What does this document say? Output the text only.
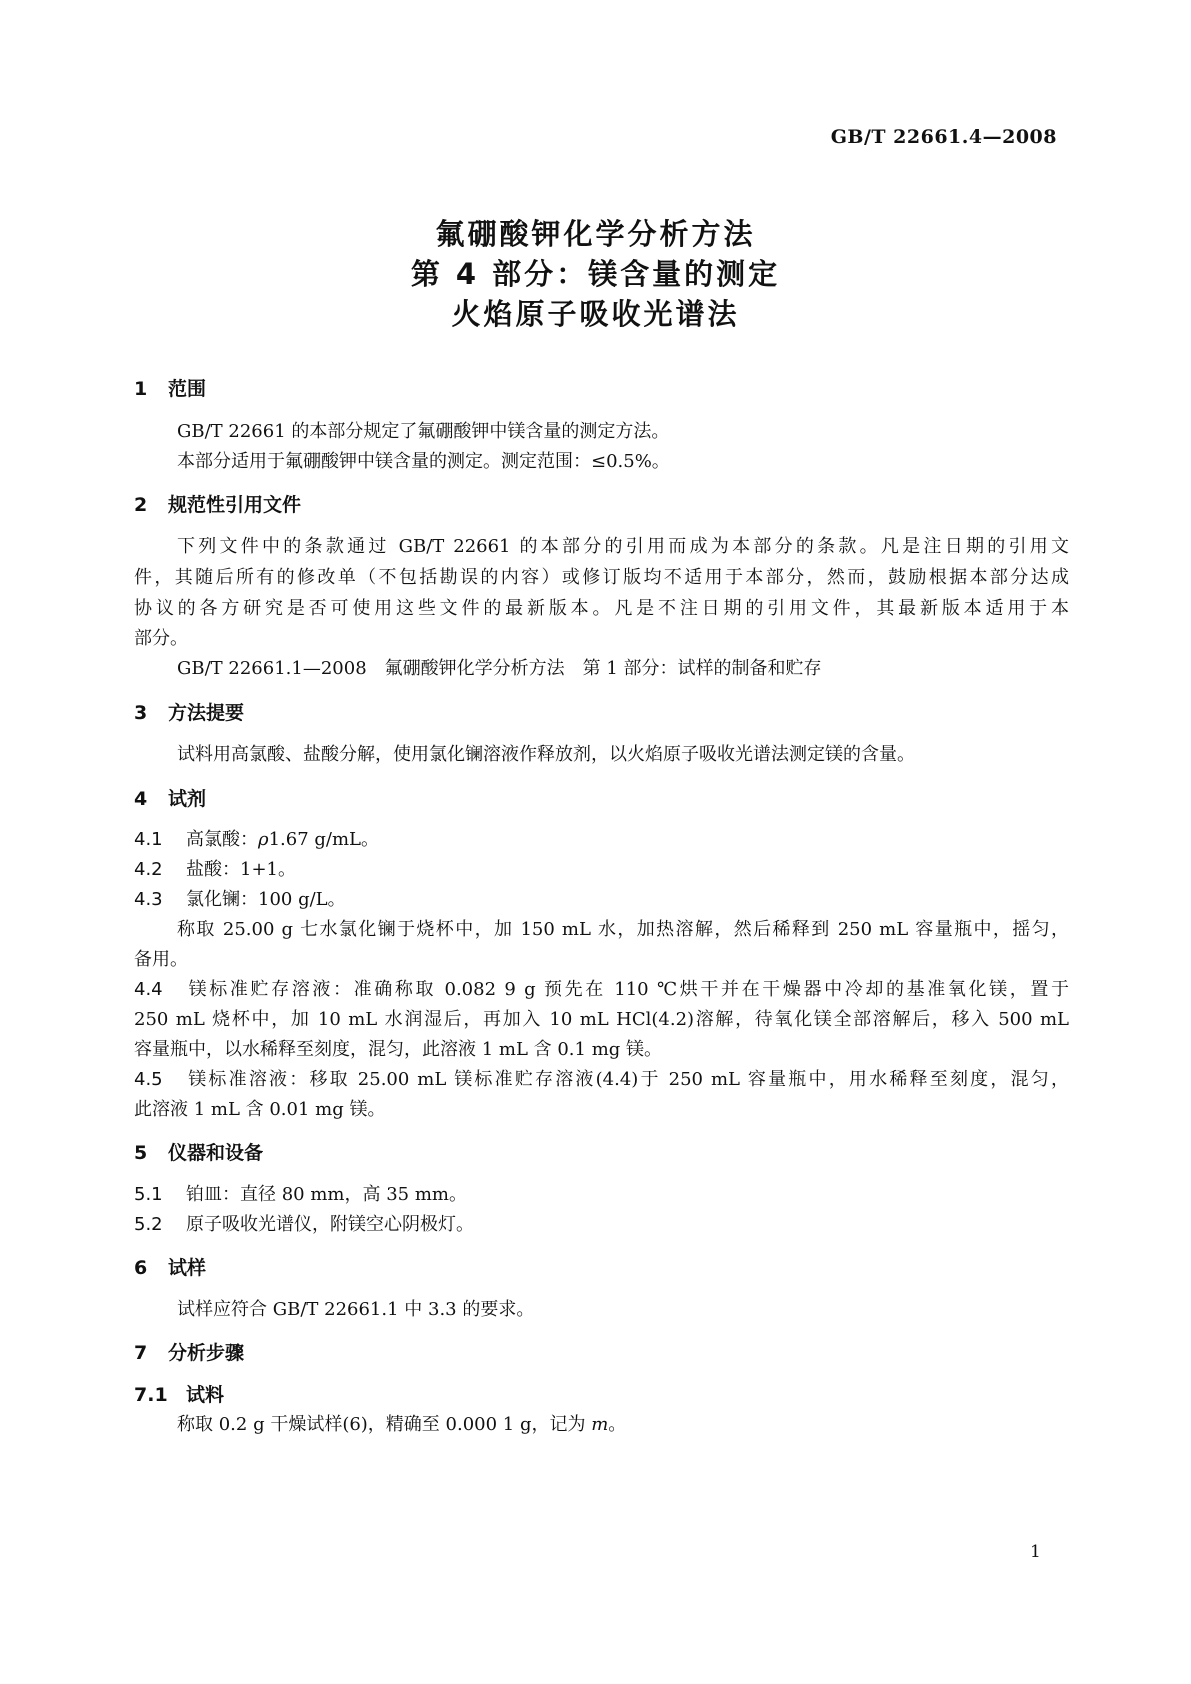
GB/T 22661.4—2008
氟硼酸钾化学分析方法
第 4 部分：镁含量的测定
火焰原子吸收光谱法
1 范围
GB/T 22661 的本部分规定了氟硼酸钾中镁含量的测定方法。
本部分适用于氟硼酸钾中镁含量的测定。测定范围：≤0.5%。
2 规范性引用文件
下列文件中的条款通过 GB/T 22661 的本部分的引用而成为本部分的条款。凡是注日期的引用文
件，其随后所有的修改单（不包括勘误的内容）或修订版均不适用于本部分，然而，鼓励根据本部分达成
协议的各方研究是否可使用这些文件的最新版本。凡是不注日期的引用文件，其最新版本适用于本
部分。
GB/T 22661.1—2008　氟硼酸钾化学分析方法　第 1 部分：试样的制备和贮存
3 方法提要
试料用高氯酸、盐酸分解，使用氯化镧溶液作释放剂，以火焰原子吸收光谱法测定镁的含量。
4 试剂
4.1 高氯酸：ρ1.67 g/mL。
4.2 盐酸：1+1。
4.3 氯化镧：100 g/L。
称取 25.00 g 七水氯化镧于烧杯中，加 150 mL 水，加热溶解，然后稀释到 250 mL 容量瓶中，摇匀，
备用。
4.4 镁标准贮存溶液：准确称取 0.082 9 g 预先在 110 ℃烘干并在干燥器中冷却的基准氧化镁，置于
250 mL 烧杯中，加 10 mL 水润湿后，再加入 10 mL HCl(4.2)溶解，待氧化镁全部溶解后，移入 500 mL
容量瓶中，以水稀释至刻度，混匀，此溶液 1 mL 含 0.1 mg 镁。
4.5 镁标准溶液：移取 25.00 mL 镁标准贮存溶液(4.4)于 250 mL 容量瓶中，用水稀释至刻度，混匀，
此溶液 1 mL 含 0.01 mg 镁。
5 仪器和设备
5.1 铂皿：直径 80 mm，高 35 mm。
5.2 原子吸收光谱仪，附镁空心阴极灯。
6 试样
试样应符合 GB/T 22661.1 中 3.3 的要求。
7 分析步骤
7.1 试料
称取 0.2 g 干燥试样(6)，精确至 0.000 1 g，记为 m。
1
